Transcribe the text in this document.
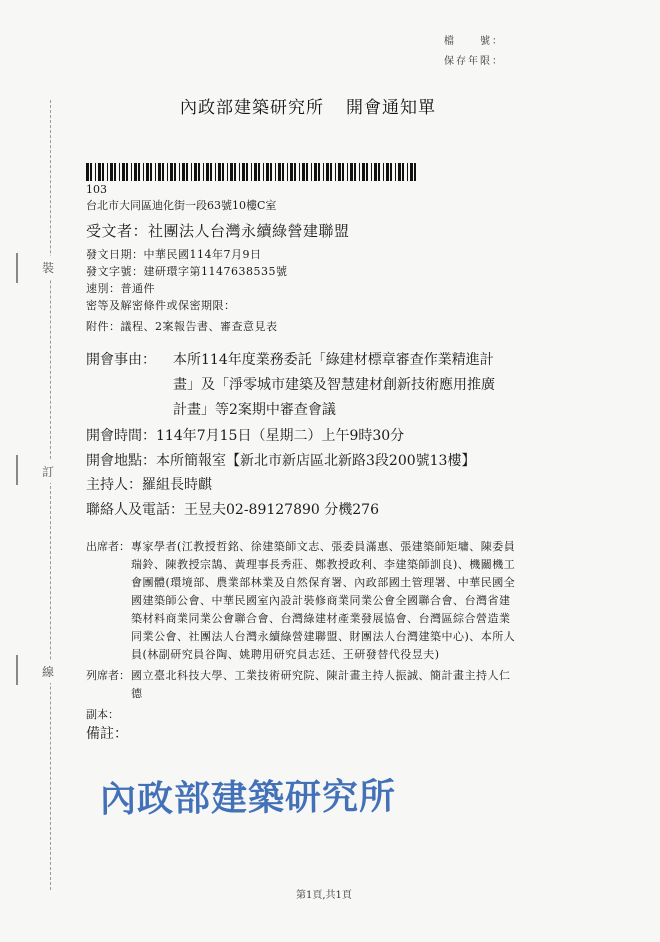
檔　　號：
保存年限：
裝
訂
線
內政部建築研究所 開會通知單
103
台北市大同區迪化街一段63號10樓C室
受文者：社團法人台灣永續綠營建聯盟
發文日期：中華民國114年7月9日
發文字號：建研環字第1147638535號
速別：普通件
密等及解密條件或保密期限：
附件：議程、2案報告書、審查意見表
開會事由： 本所114年度業務委託「綠建材標章審查作業精進計
畫」及「淨零城市建築及智慧建材創新技術應用推廣
計畫」等2案期中審查會議
開會時間：114年7月15日（星期二）上午9時30分
開會地點：本所簡報室【新北市新店區北新路3段200號13樓】
主持人：羅組長時麒
聯絡人及電話：王昱夫02-89127890 分機276
出席者： 專家學者(江教授哲銘、徐建築師文志、張委員滿惠、張建築師矩墉、陳委員
瑞鈴、陳教授宗鵠、黃理事長秀莊、鄭教授政利、李建築師訓良)、機關機工
會團體(環境部、農業部林業及自然保育署、內政部國土管理署、中華民國全
國建築師公會、中華民國室內設計裝修商業同業公會全國聯合會、台灣省建
築材料商業同業公會聯合會、台灣綠建材產業發展協會、台灣區綜合營造業
同業公會、社團法人台灣永續綠營建聯盟、財團法人台灣建築中心)、本所人
員(林副研究員谷陶、姚聘用研究員志廷、王研發替代役昱夫)
列席者： 國立臺北科技大學、工業技術研究院、陳計畫主持人振誠、簡計畫主持人仁
德
副本：
備註：
內政部建築研究所
第1頁,共1頁
